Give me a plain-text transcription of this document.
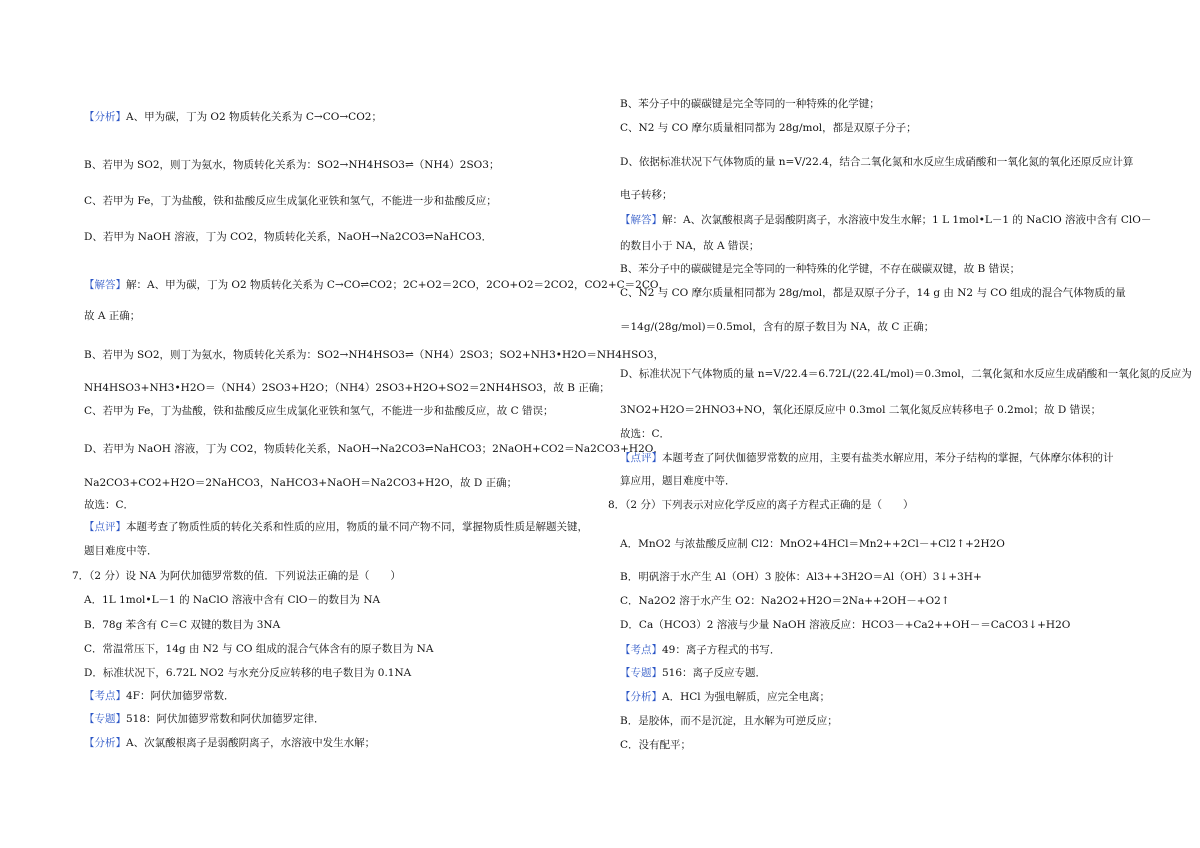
【分析】A、甲为碳，丁为 O2 物质转化关系为 C→CO→CO2；
B、若甲为 SO2，则丁为氨水，物质转化关系为：SO2→NH4HSO3⇌（NH4）2SO3；
C、若甲为 Fe，丁为盐酸，铁和盐酸反应生成氯化亚铁和氢气，不能进一步和盐酸反应；
D、若甲为 NaOH 溶液，丁为 CO2，物质转化关系，NaOH→Na2CO3⇌NaHCO3．
【解答】解：A、甲为碳，丁为 O2 物质转化关系为 C→CO⇌CO2；2C+O2＝2CO，2CO+O2＝2CO2，CO2+C＝2CO，
故 A 正确；
B、若甲为 SO2，则丁为氨水，物质转化关系为：SO2→NH4HSO3⇌（NH4）2SO3；SO2+NH3•H2O＝NH4HSO3，
NH4HSO3+NH3•H2O＝（NH4）2SO3+H2O；（NH4）2SO3+H2O+SO2＝2NH4HSO3，故 B 正确；
C、若甲为 Fe，丁为盐酸，铁和盐酸反应生成氯化亚铁和氢气，不能进一步和盐酸反应，故 C 错误；
D、若甲为 NaOH 溶液，丁为 CO2，物质转化关系，NaOH→Na2CO3⇌NaHCO3；2NaOH+CO2＝Na2CO3+H2O，
Na2CO3+CO2+H2O＝2NaHCO3，NaHCO3+NaOH＝Na2CO3+H2O，故 D 正确；
故选：C．
【点评】本题考查了物质性质的转化关系和性质的应用，物质的量不同产物不同，掌握物质性质是解题关键，
题目难度中等．
7．（2 分）设 NA 为阿伏加德罗常数的值．下列说法正确的是（　　）
A．1L 1mol•L－1 的 NaClO 溶液中含有 ClO－的数目为 NA
B．78g 苯含有 C＝C 双键的数目为 3NA
C．常温常压下，14g 由 N2 与 CO 组成的混合气体含有的原子数目为 NA
D．标准状况下，6.72L NO2 与水充分反应转移的电子数目为 0.1NA
【考点】4F：阿伏加德罗常数．
【专题】518：阿伏加德罗常数和阿伏加德罗定律．
【分析】A、次氯酸根离子是弱酸阴离子，水溶液中发生水解；
B、苯分子中的碳碳键是完全等同的一种特殊的化学键；
C、N2 与 CO 摩尔质量相同都为 28g/mol，都是双原子分子；
D、依据标准状况下气体物质的量 n=V/22.4，结合二氧化氮和水反应生成硝酸和一氧化氮的氧化还原反应计算
电子转移；
【解答】解：A、次氯酸根离子是弱酸阴离子，水溶液中发生水解；1 L 1mol•L－1 的 NaClO 溶液中含有 ClO－
的数目小于 NA，故 A 错误；
B、苯分子中的碳碳键是完全等同的一种特殊的化学键，不存在碳碳双键，故 B 错误；
C、N2 与 CO 摩尔质量相同都为 28g/mol，都是双原子分子，14 g 由 N2 与 CO 组成的混合气体物质的量
＝14g/(28g/mol)＝0.5mol，含有的原子数目为 NA，故 C 正确；
D、标准状况下气体物质的量 n=V/22.4＝6.72L/(22.4L/mol)＝0.3mol，二氧化氮和水反应生成硝酸和一氧化氮的反应为
3NO2+H2O＝2HNO3+NO，氧化还原反应中 0.3mol 二氧化氮反应转移电子 0.2mol；故 D 错误；
故选：C．
【点评】本题考查了阿伏伽德罗常数的应用，主要有盐类水解应用，苯分子结构的掌握，气体摩尔体积的计
算应用，题目难度中等．
8．（2 分）下列表示对应化学反应的离子方程式正确的是（　　）
A．MnO2 与浓盐酸反应制 Cl2：MnO2+4HCl＝Mn2++2Cl－+Cl2↑+2H2O
B．明矾溶于水产生 Al（OH）3 胶体：Al3++3H2O＝Al（OH）3↓+3H+
C．Na2O2 溶于水产生 O2：Na2O2+H2O＝2Na++2OH－+O2↑
D．Ca（HCO3）2 溶液与少量 NaOH 溶液反应：HCO3－+Ca2++OH－＝CaCO3↓+H2O
【考点】49：离子方程式的书写．
【专题】516：离子反应专题．
【分析】A．HCl 为强电解质，应完全电离；
B．是胶体，而不是沉淀，且水解为可逆反应；
C．没有配平；
